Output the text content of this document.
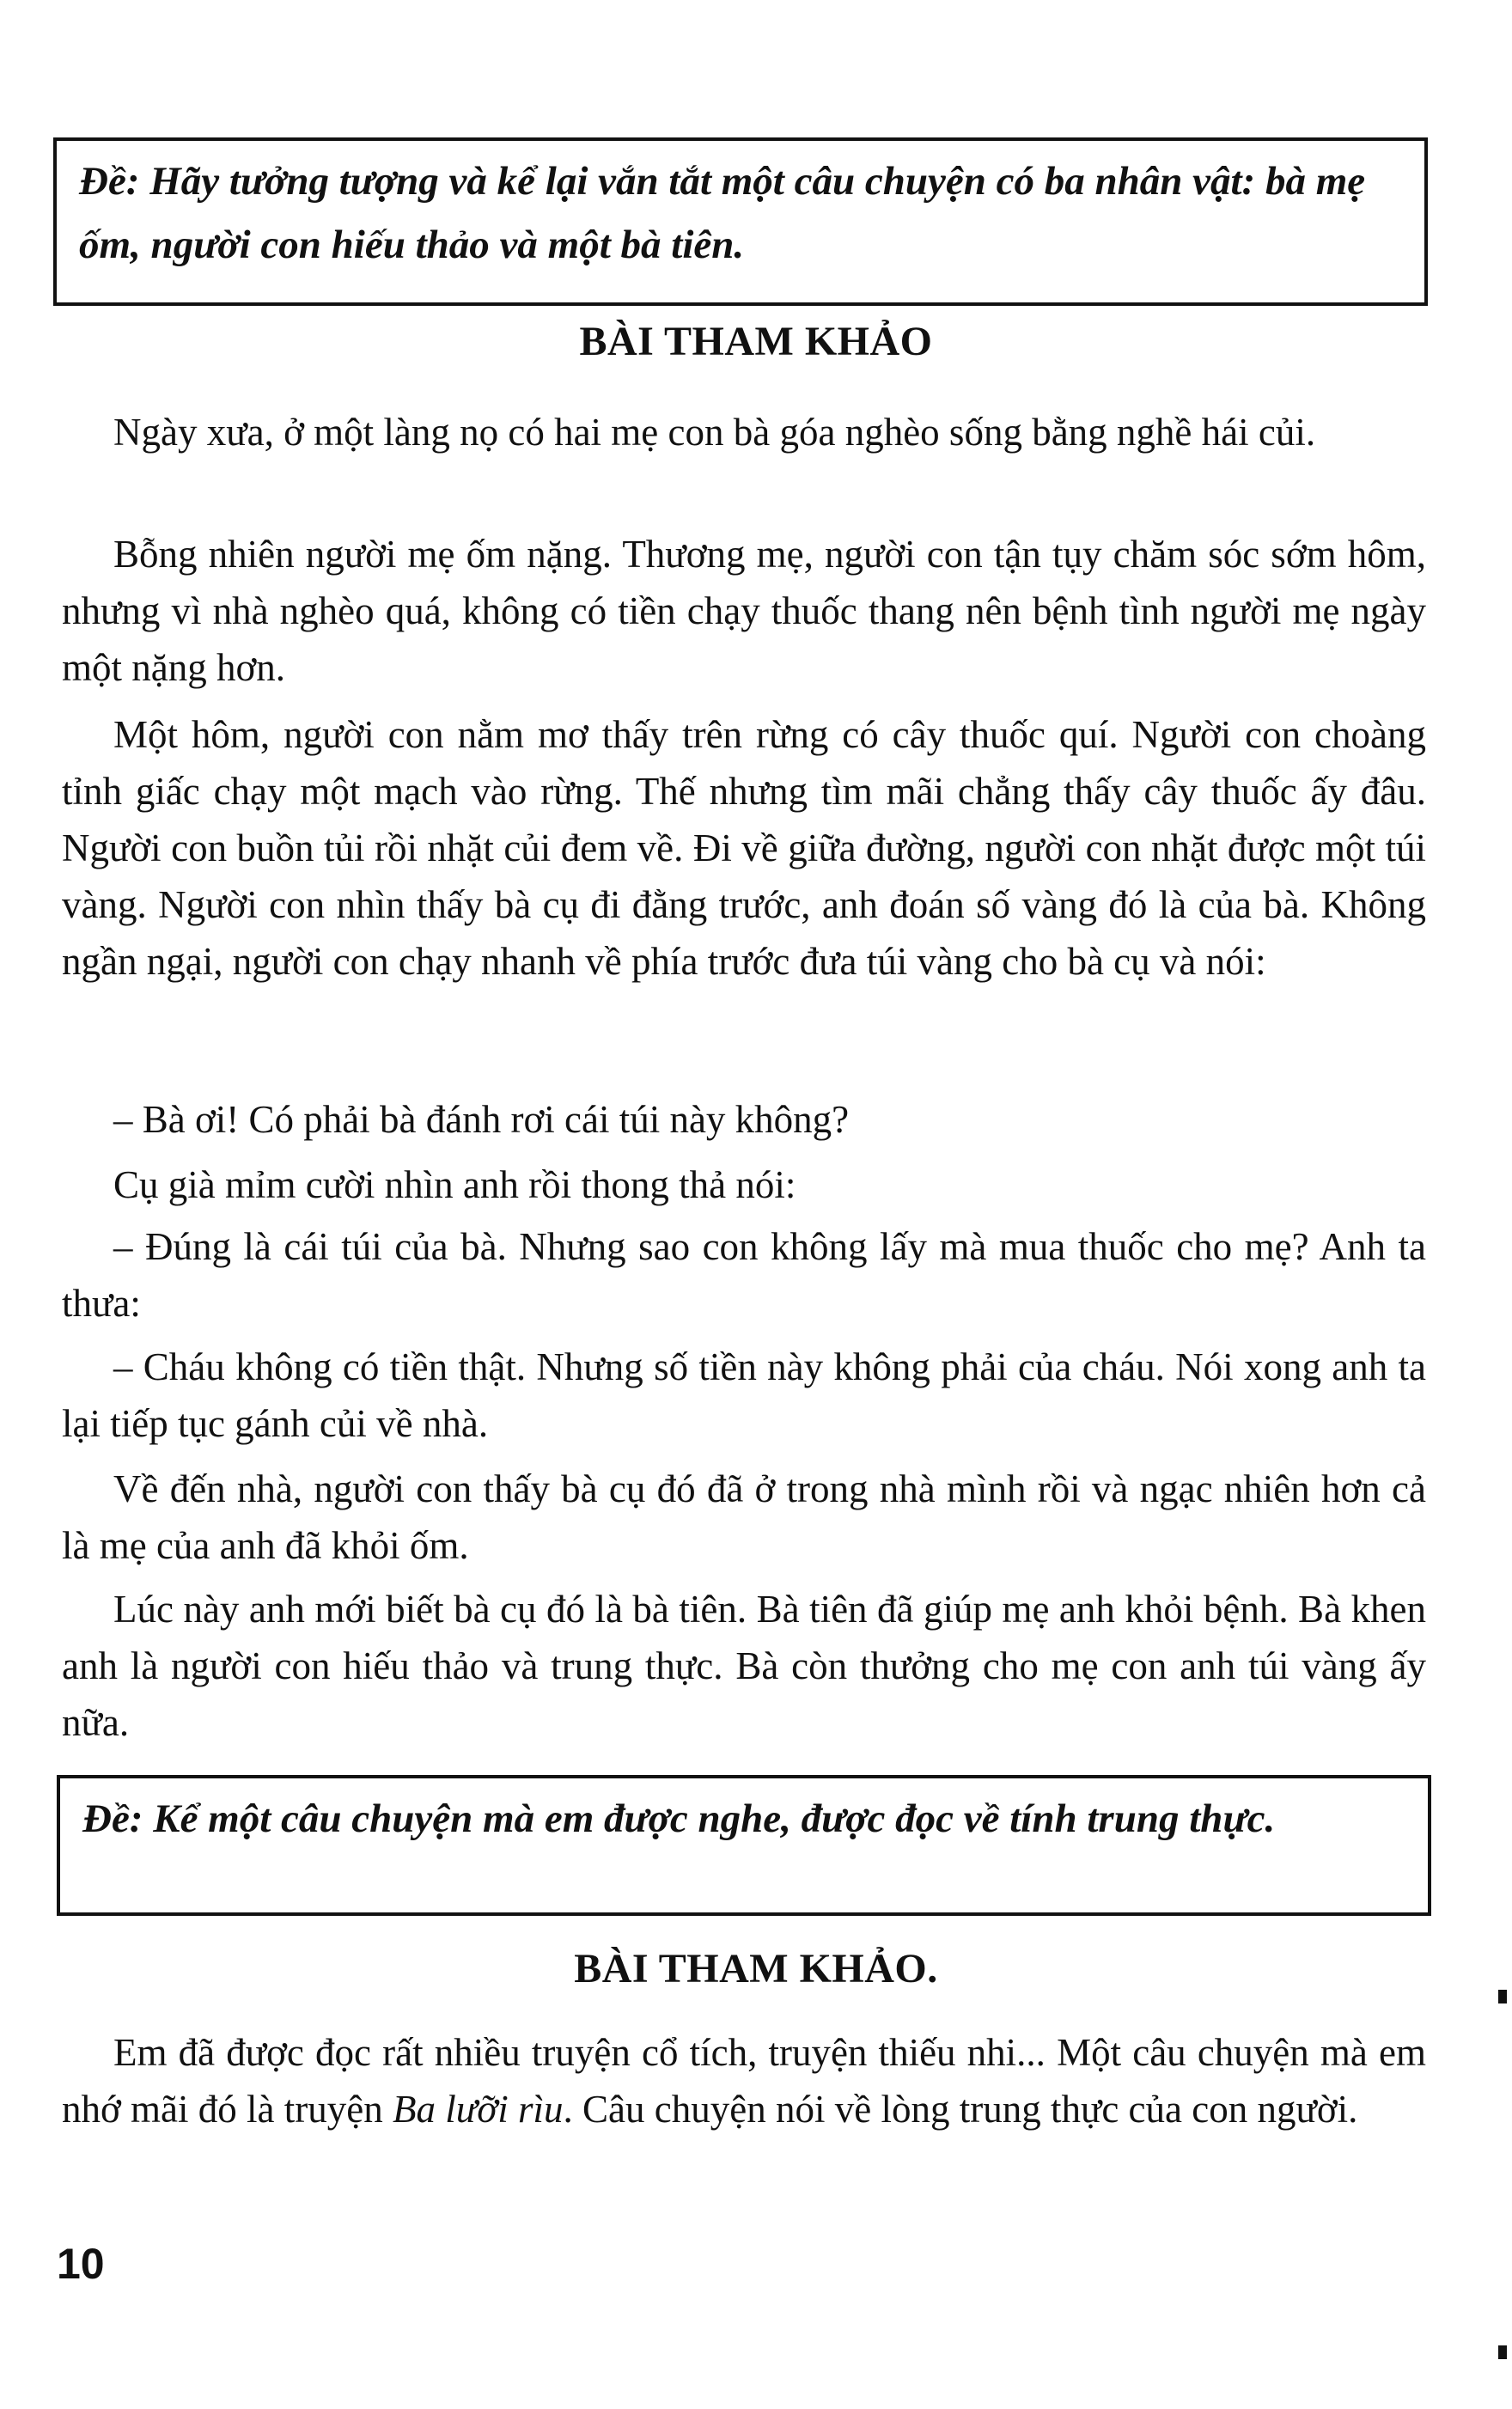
Đề: Hãy tưởng tượng và kể lại vắn tắt một câu chuyện có ba nhân vật: bà mẹ ốm, người con hiếu thảo và một bà tiên.
BÀI THAM KHẢO

Ngày xưa, ở một làng nọ có hai mẹ con bà góa nghèo sống bằng nghề hái củi.

Bỗng nhiên người mẹ ốm nặng. Thương mẹ, người con tận tụy chăm sóc sớm hôm, nhưng vì nhà nghèo quá, không có tiền chạy thuốc thang nên bệnh tình người mẹ ngày một nặng hơn.

Một hôm, người con nằm mơ thấy trên rừng có cây thuốc quí. Người con choàng tỉnh giấc chạy một mạch vào rừng. Thế nhưng tìm mãi chẳng thấy cây thuốc ấy đâu. Người con buồn tủi rồi nhặt củi đem về. Đi về giữa đường, người con nhặt được một túi vàng. Người con nhìn thấy bà cụ đi đằng trước, anh đoán số vàng đó là của bà. Không ngần ngại, người con chạy nhanh về phía trước đưa túi vàng cho bà cụ và nói:

– Bà ơi! Có phải bà đánh rơi cái túi này không?

Cụ già mỉm cười nhìn anh rồi thong thả nói:

– Đúng là cái túi của bà. Nhưng sao con không lấy mà mua thuốc cho mẹ? Anh ta thưa:

– Cháu không có tiền thật. Nhưng số tiền này không phải của cháu. Nói xong anh ta lại tiếp tục gánh củi về nhà.

Về đến nhà, người con thấy bà cụ đó đã ở trong nhà mình rồi và ngạc nhiên hơn cả là mẹ của anh đã khỏi ốm.

Lúc này anh mới biết bà cụ đó là bà tiên. Bà tiên đã giúp mẹ anh khỏi bệnh. Bà khen anh là người con hiếu thảo và trung thực. Bà còn thưởng cho mẹ con anh túi vàng ấy nữa.

Đề: Kể một câu chuyện mà em được nghe, được đọc về tính trung thực.
BÀI THAM KHẢO.

Em đã được đọc rất nhiều truyện cổ tích, truyện thiếu nhi... Một câu chuyện mà em nhớ mãi đó là truyện Ba lưỡi rìu. Câu chuyện nói về lòng trung thực của con người.

10
